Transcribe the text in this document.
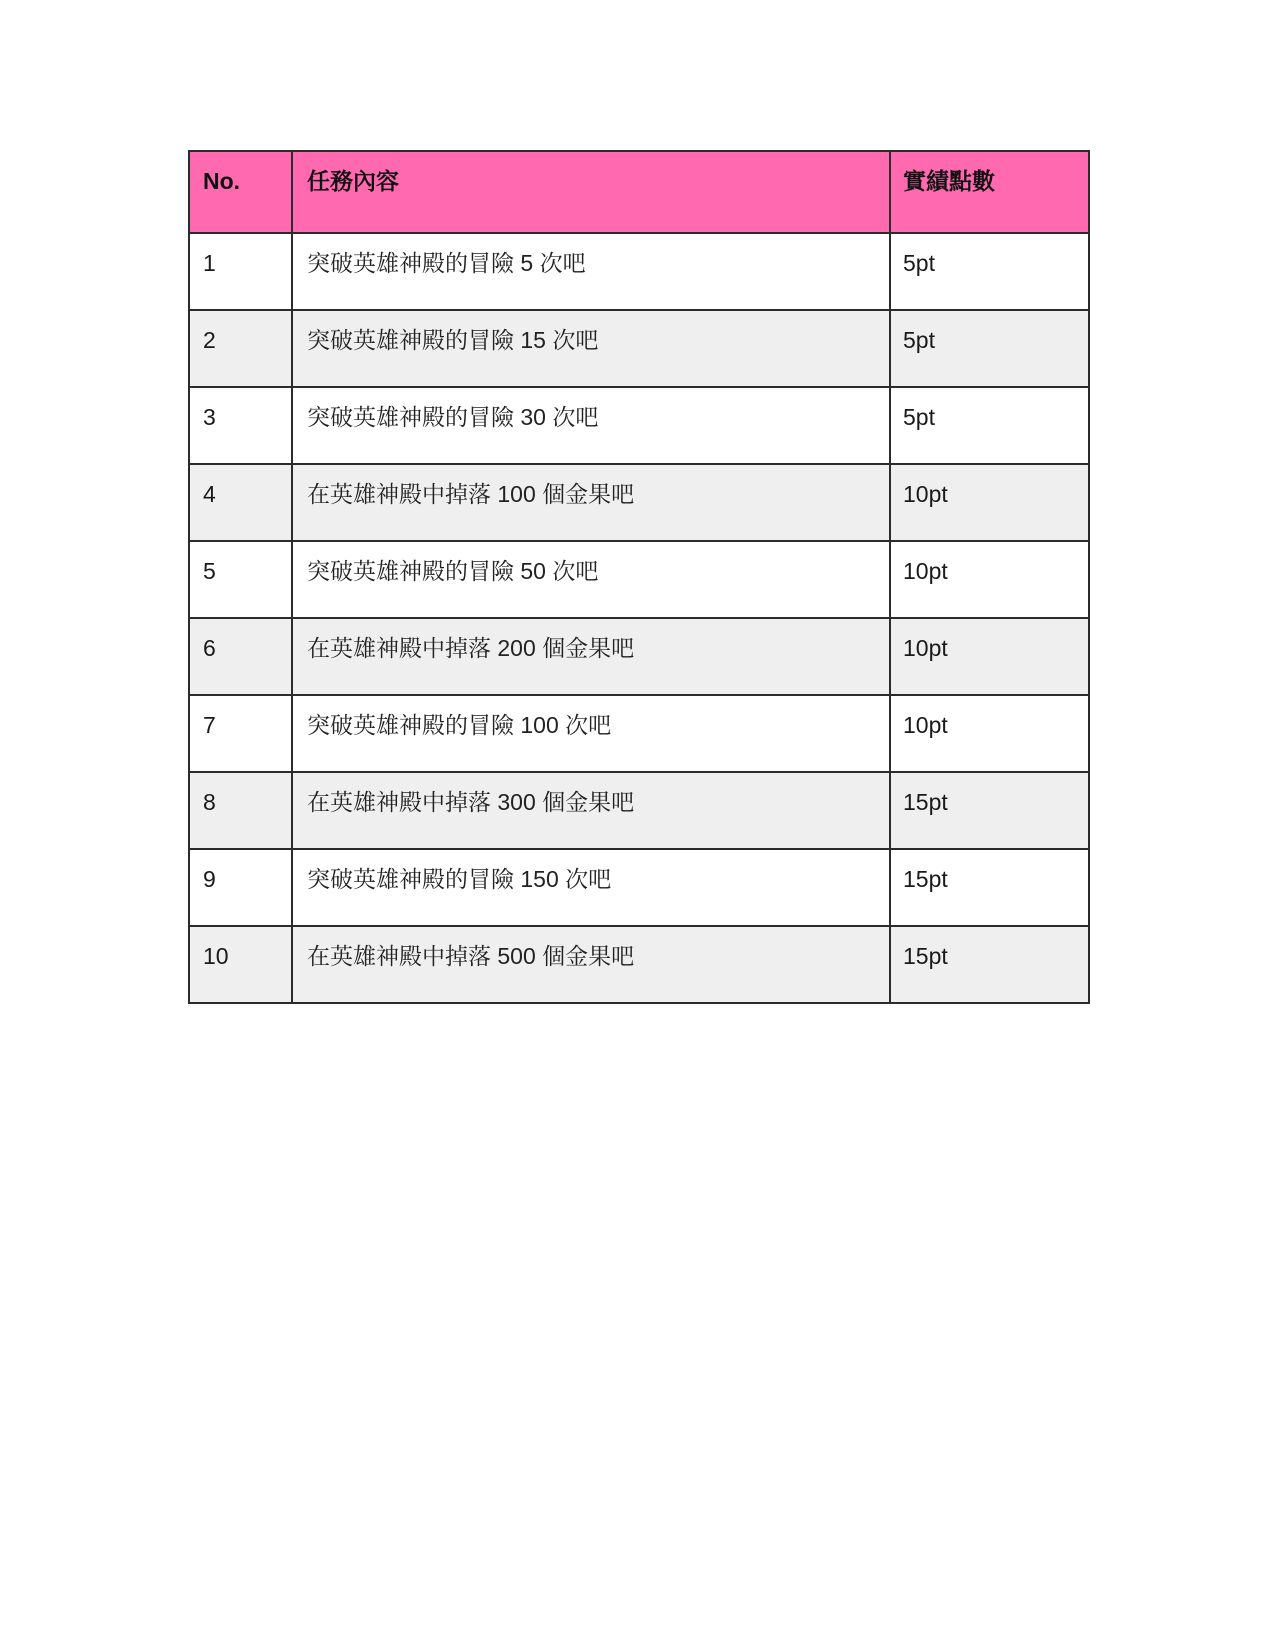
No.	任務內容	實績點數
1	突破英雄神殿的冒險 5 次吧	5pt
2	突破英雄神殿的冒險 15 次吧	5pt
3	突破英雄神殿的冒險 30 次吧	5pt
4	在英雄神殿中掉落 100 個金果吧	10pt
5	突破英雄神殿的冒險 50 次吧	10pt
6	在英雄神殿中掉落 200 個金果吧	10pt
7	突破英雄神殿的冒險 100 次吧	10pt
8	在英雄神殿中掉落 300 個金果吧	15pt
9	突破英雄神殿的冒險 150 次吧	15pt
10	在英雄神殿中掉落 500 個金果吧	15pt
